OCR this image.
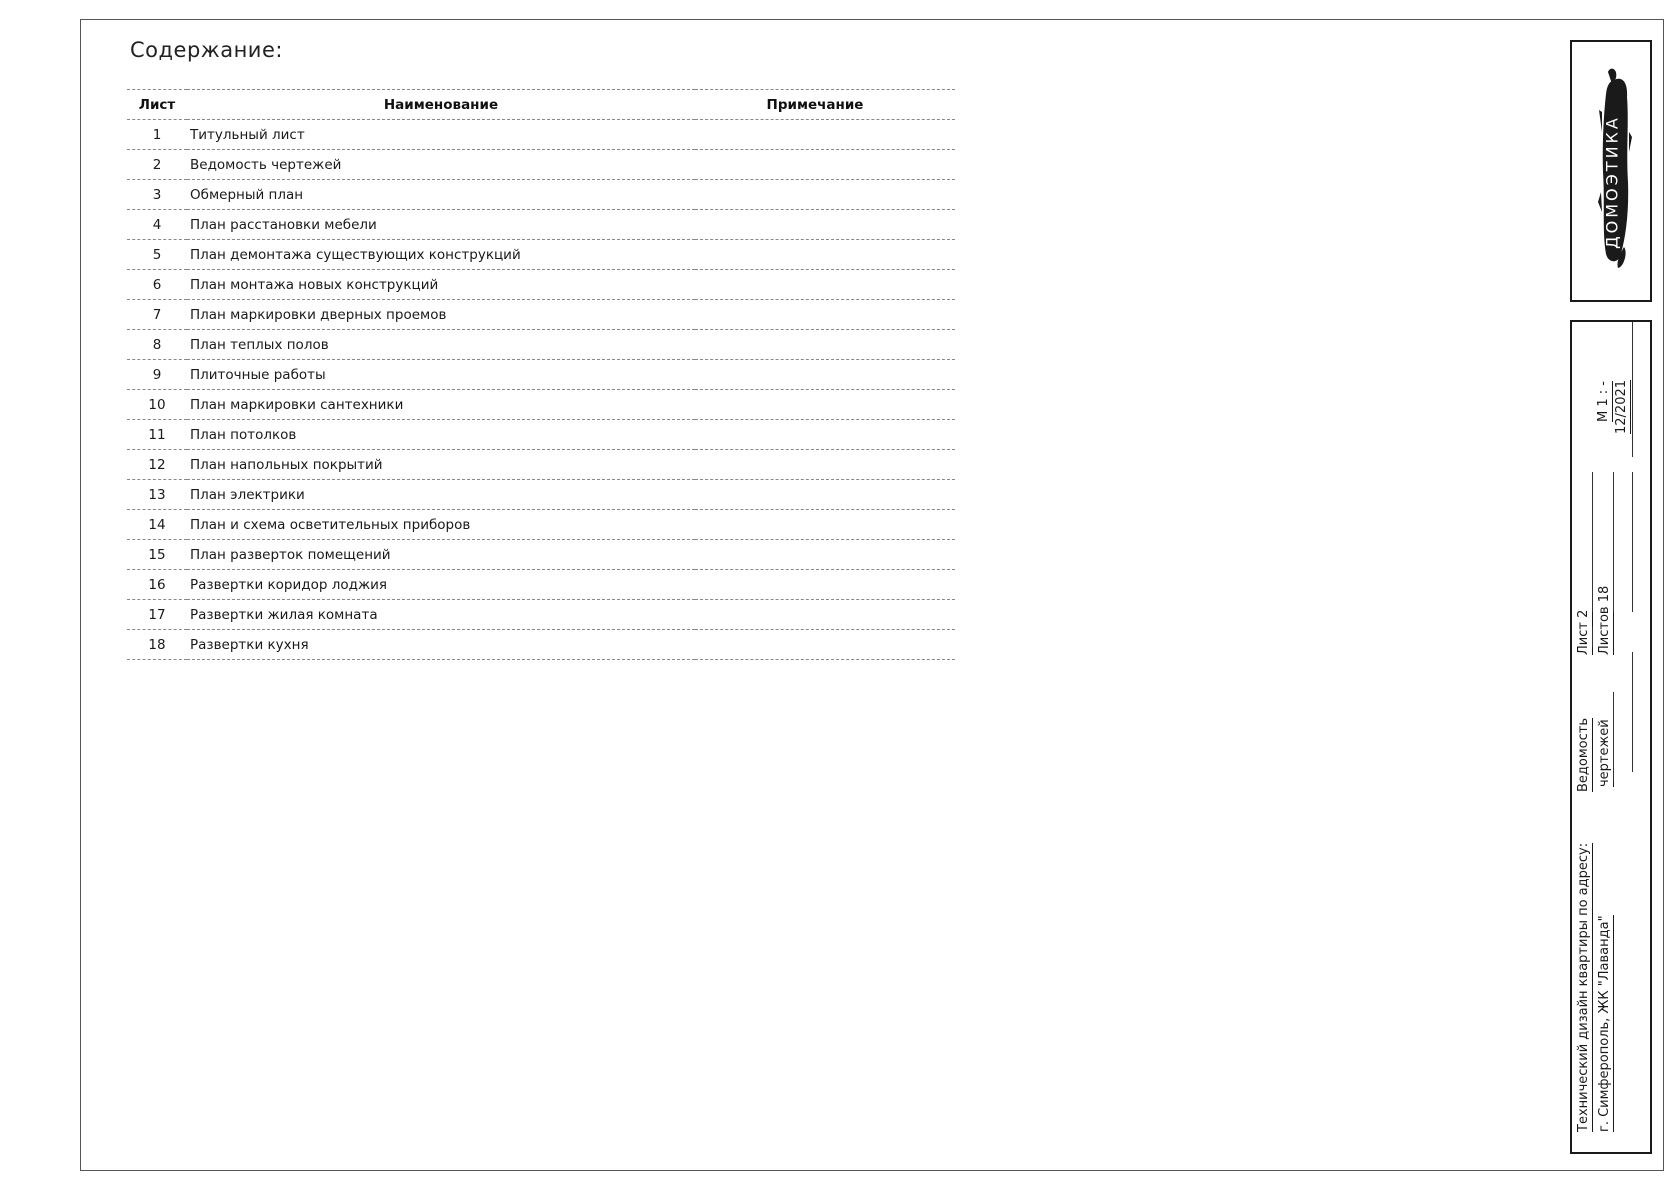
Содержание:
Лист	Наименование	Примечание
1	Титульный лист	
2	Ведомость чертежей	
3	Обмерный план	
4	План расстановки мебели	
5	План демонтажа существующих конструкций	
6	План монтажа новых конструкций	
7	План маркировки дверных проемов	
8	План теплых полов	
9	Плиточные работы	
10	План маркировки сантехники	
11	План потолков	
12	План напольных покрытий	
13	План электрики	
14	План и схема осветительных приборов	
15	План разверток помещений	
16	Развертки коридор лоджия	
17	Развертки жилая комната	
18	Развертки кухня	
ДОМОЭТИКА
Технический дизайн квартиры по адресу:
Ведомость
Лист 2
М 1 : -
г. Симферополь, ЖК "Лаванда"
чертежей
Листов 18
12/2021
